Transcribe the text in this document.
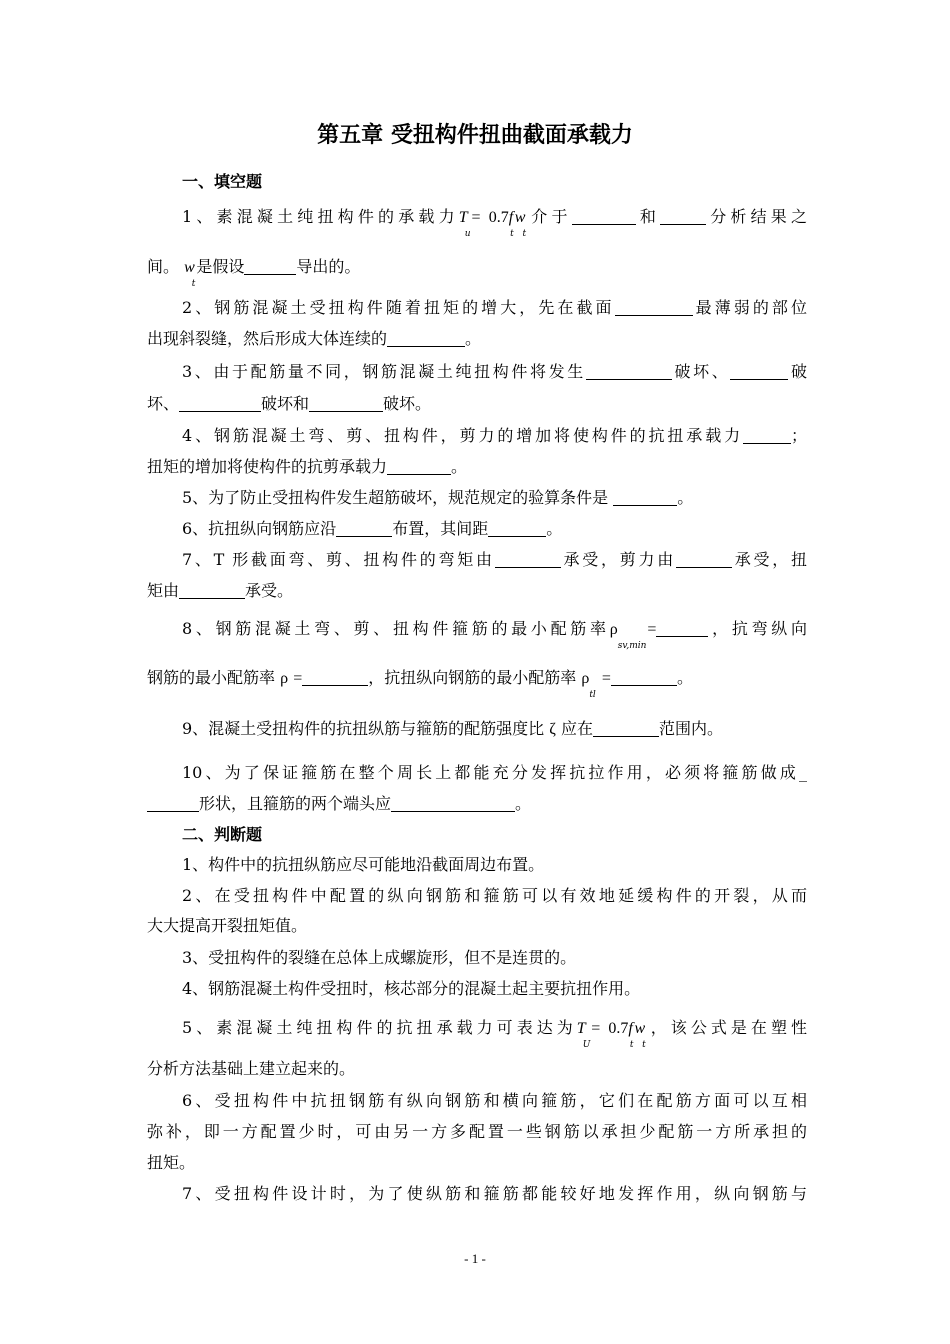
第五章 受扭构件扭曲截面承载力
一、填空题
1、素混凝土纯扭构件的承载力$T_u= 0.7f_tw_t$介于	和	分析结果之
间。 $w_t$是假设	导出的。
2、钢筋混凝土受扭构件随着扭矩的增大，先在截面	最薄弱的部位
出现斜裂缝，然后形成大体连续的	。
3、由于配筋量不同，钢筋混凝土纯扭构件将发生	破坏、	破
坏、	破坏和	破坏。
4、钢筋混凝土弯、剪、扭构件，剪力的增加将使构件的抗扭承载力	；
扭矩的增加将使构件的抗剪承载力	。
5、为了防止受扭构件发生超筋破坏，规范规定的验算条件是	。
6、抗扭纵向钢筋应沿	布置，其间距	。
7、T 形截面弯、剪、扭构件的弯矩由	承受，剪力由	承受，扭
矩由	承受。
8、钢筋混凝土弯、剪、扭构件箍筋的最小配筋率$\rho_{sv,min}=$	，抗弯纵向
钢筋的最小配筋率 ρ =	，抗扭纵向钢筋的最小配筋率 $\rho_{tl}$ =	。
9、混凝土受扭构件的抗扭纵筋与箍筋的配筋强度比 ζ 应在	范围内。
10、为了保证箍筋在整个周长上都能充分发挥抗拉作用，必须将箍筋做成_
形状，且箍筋的两个端头应	。
二、判断题
1、构件中的抗扭纵筋应尽可能地沿截面周边布置。
2、在受扭构件中配置的纵向钢筋和箍筋可以有效地延缓构件的开裂，从而
大大提高开裂扭矩值。
3、受扭构件的裂缝在总体上成螺旋形，但不是连贯的。
4、钢筋混凝土构件受扭时，核芯部分的混凝土起主要抗扭作用。
5、素混凝土纯扭构件的抗扭承载力可表达为$T_U= 0.7f_tw_t$，该公式是在塑性
分析方法基础上建立起来的。
6、受扭构件中抗扭钢筋有纵向钢筋和横向箍筋，它们在配筋方面可以互相
弥补，即一方配置少时，可由另一方多配置一些钢筋以承担少配筋一方所承担的
扭矩。
7、受扭构件设计时，为了使纵筋和箍筋都能较好地发挥作用，纵向钢筋与
- 1 -
